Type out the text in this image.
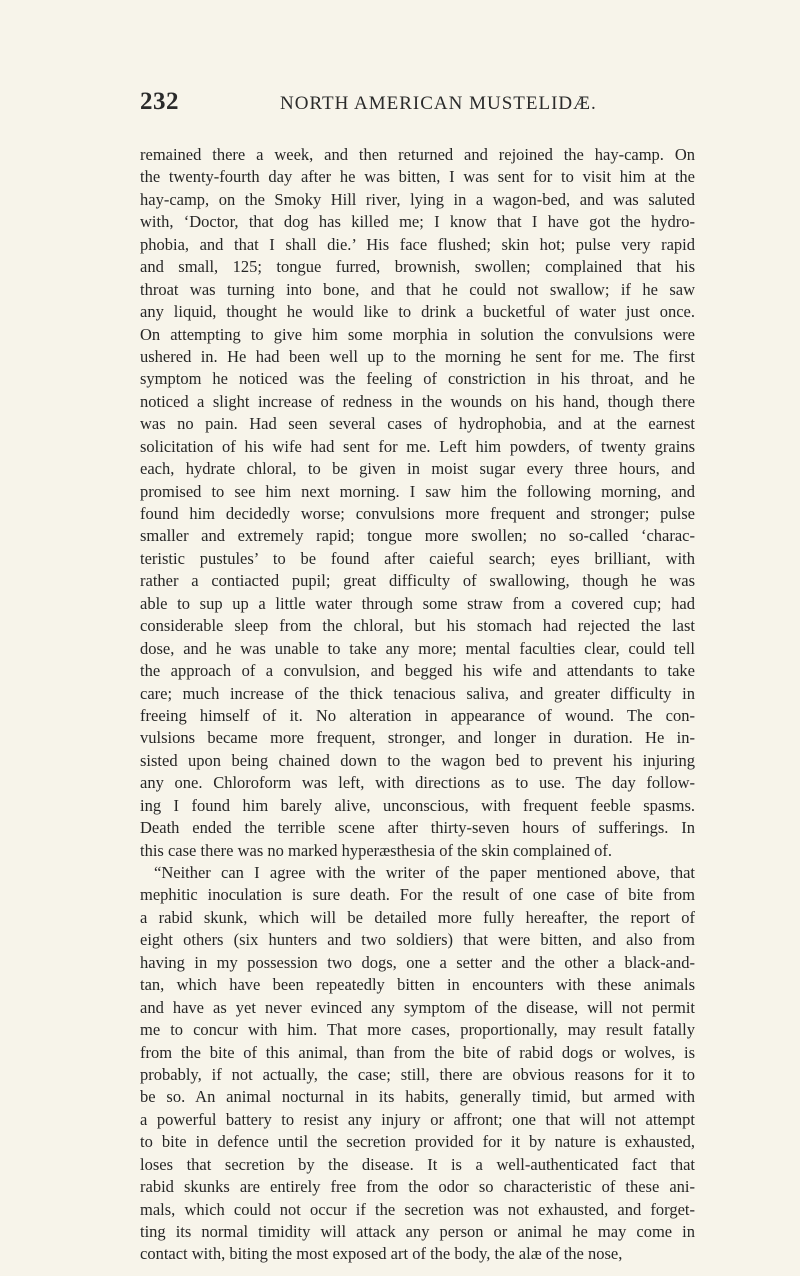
232	NORTH AMERICAN MUSTELIDÆ.
remained there a week, and then returned and rejoined the hay-camp. On
the twenty-fourth day after he was bitten, I was sent for to visit him at the
hay-camp, on the Smoky Hill river, lying in a wagon-bed, and was saluted
with, ‘Doctor, that dog has killed me; I know that I have got the hydro-
phobia, and that I shall die.’ His face flushed; skin hot; pulse very rapid
and small, 125; tongue furred, brownish, swollen; complained that his
throat was turning into bone, and that he could not swallow; if he saw
any liquid, thought he would like to drink a bucketful of water just once.
On attempting to give him some morphia in solution the convulsions were
ushered in. He had been well up to the morning he sent for me. The first
symptom he noticed was the feeling of constriction in his throat, and he
noticed a slight increase of redness in the wounds on his hand, though there
was no pain. Had seen several cases of hydrophobia, and at the earnest
solicitation of his wife had sent for me. Left him powders, of twenty grains
each, hydrate chloral, to be given in moist sugar every three hours, and
promised to see him next morning. I saw him the following morning, and
found him decidedly worse; convulsions more frequent and stronger; pulse
smaller and extremely rapid; tongue more swollen; no so-called ‘charac-
teristic pustules’ to be found after caieful search; eyes brilliant, with
rather a contiacted pupil; great difficulty of swallowing, though he was
able to sup up a little water through some straw from a covered cup; had
considerable sleep from the chloral, but his stomach had rejected the last
dose, and he was unable to take any more; mental faculties clear, could tell
the approach of a convulsion, and begged his wife and attendants to take
care; much increase of the thick tenacious saliva, and greater difficulty in
freeing himself of it. No alteration in appearance of wound. The con-
vulsions became more frequent, stronger, and longer in duration. He in-
sisted upon being chained down to the wagon bed to prevent his injuring
any one. Chloroform was left, with directions as to use. The day follow-
ing I found him barely alive, unconscious, with frequent feeble spasms.
Death ended the terrible scene after thirty-seven hours of sufferings. In
this case there was no marked hyperæsthesia of the skin complained of.
“Neither can I agree with the writer of the paper mentioned above, that
mephitic inoculation is sure death. For the result of one case of bite from
a rabid skunk, which will be detailed more fully hereafter, the report of
eight others (six hunters and two soldiers) that were bitten, and also from
having in my possession two dogs, one a setter and the other a black-and-
tan, which have been repeatedly bitten in encounters with these animals
and have as yet never evinced any symptom of the disease, will not permit
me to concur with him. That more cases, proportionally, may result fatally
from the bite of this animal, than from the bite of rabid dogs or wolves, is
probably, if not actually, the case; still, there are obvious reasons for it to
be so. An animal nocturnal in its habits, generally timid, but armed with
a powerful battery to resist any injury or affront; one that will not attempt
to bite in defence until the secretion provided for it by nature is exhausted,
loses that secretion by the disease. It is a well-authenticated fact that
rabid skunks are entirely free from the odor so characteristic of these ani-
mals, which could not occur if the secretion was not exhausted, and forget-
ting its normal timidity will attack any person or animal he may come in
contact with, biting the most exposed art of the body, the alæ of the nose,
